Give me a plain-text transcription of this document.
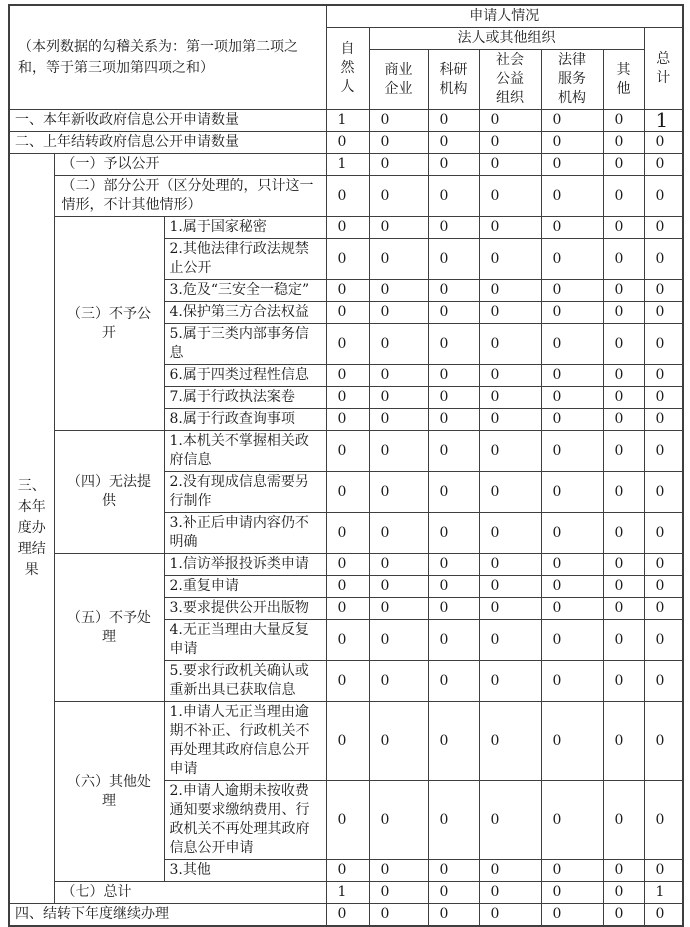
（本列数据的勾稽关系为：第一项加第二项之和，等于第三项加第四项之和）			申请人情况						
			自然人	法人或其他组织					总计
				商业企业	科研机构	社会公益组织	法律服务机构	其他	
一、本年新收政府信息公开申请数量			1	0	0	0	0	0	1
二、上年结转政府信息公开申请数量			0	0	0	0	0	0	0
三、本年度办理结果	（一）予以公开		1	0	0	0	0	0	0
	（二）部分公开（区分处理的，只计这一情形，不计其他情形）		0	0	0	0	0	0	0
	（三）不予公开	1.属于国家秘密	0	0	0	0	0	0	0
		2.其他法律行政法规禁止公开	0	0	0	0	0	0	0
		3.危及“三安全一稳定”	0	0	0	0	0	0	0
		4.保护第三方合法权益	0	0	0	0	0	0	0
		5.属于三类内部事务信息	0	0	0	0	0	0	0
		6.属于四类过程性信息	0	0	0	0	0	0	0
		7.属于行政执法案卷	0	0	0	0	0	0	0
		8.属于行政查询事项	0	0	0	0	0	0	0
	（四）无法提供	1.本机关不掌握相关政府信息	0	0	0	0	0	0	0
		2.没有现成信息需要另行制作	0	0	0	0	0	0	0
		3.补正后申请内容仍不明确	0	0	0	0	0	0	0
	（五）不予处理	1.信访举报投诉类申请	0	0	0	0	0	0	0
		2.重复申请	0	0	0	0	0	0	0
		3.要求提供公开出版物	0	0	0	0	0	0	0
		4.无正当理由大量反复申请	0	0	0	0	0	0	0
		5.要求行政机关确认或重新出具已获取信息	0	0	0	0	0	0	0
	（六）其他处理	1.申请人无正当理由逾期不补正、行政机关不再处理其政府信息公开申请	0	0	0	0	0	0	0
		2.申请人逾期未按收费通知要求缴纳费用、行政机关不再处理其政府信息公开申请	0	0	0	0	0	0	0
		3.其他	0	0	0	0	0	0	0
	（七）总计		1	0	0	0	0	0	1
四、结转下年度继续办理			0	0	0	0	0	0	0
